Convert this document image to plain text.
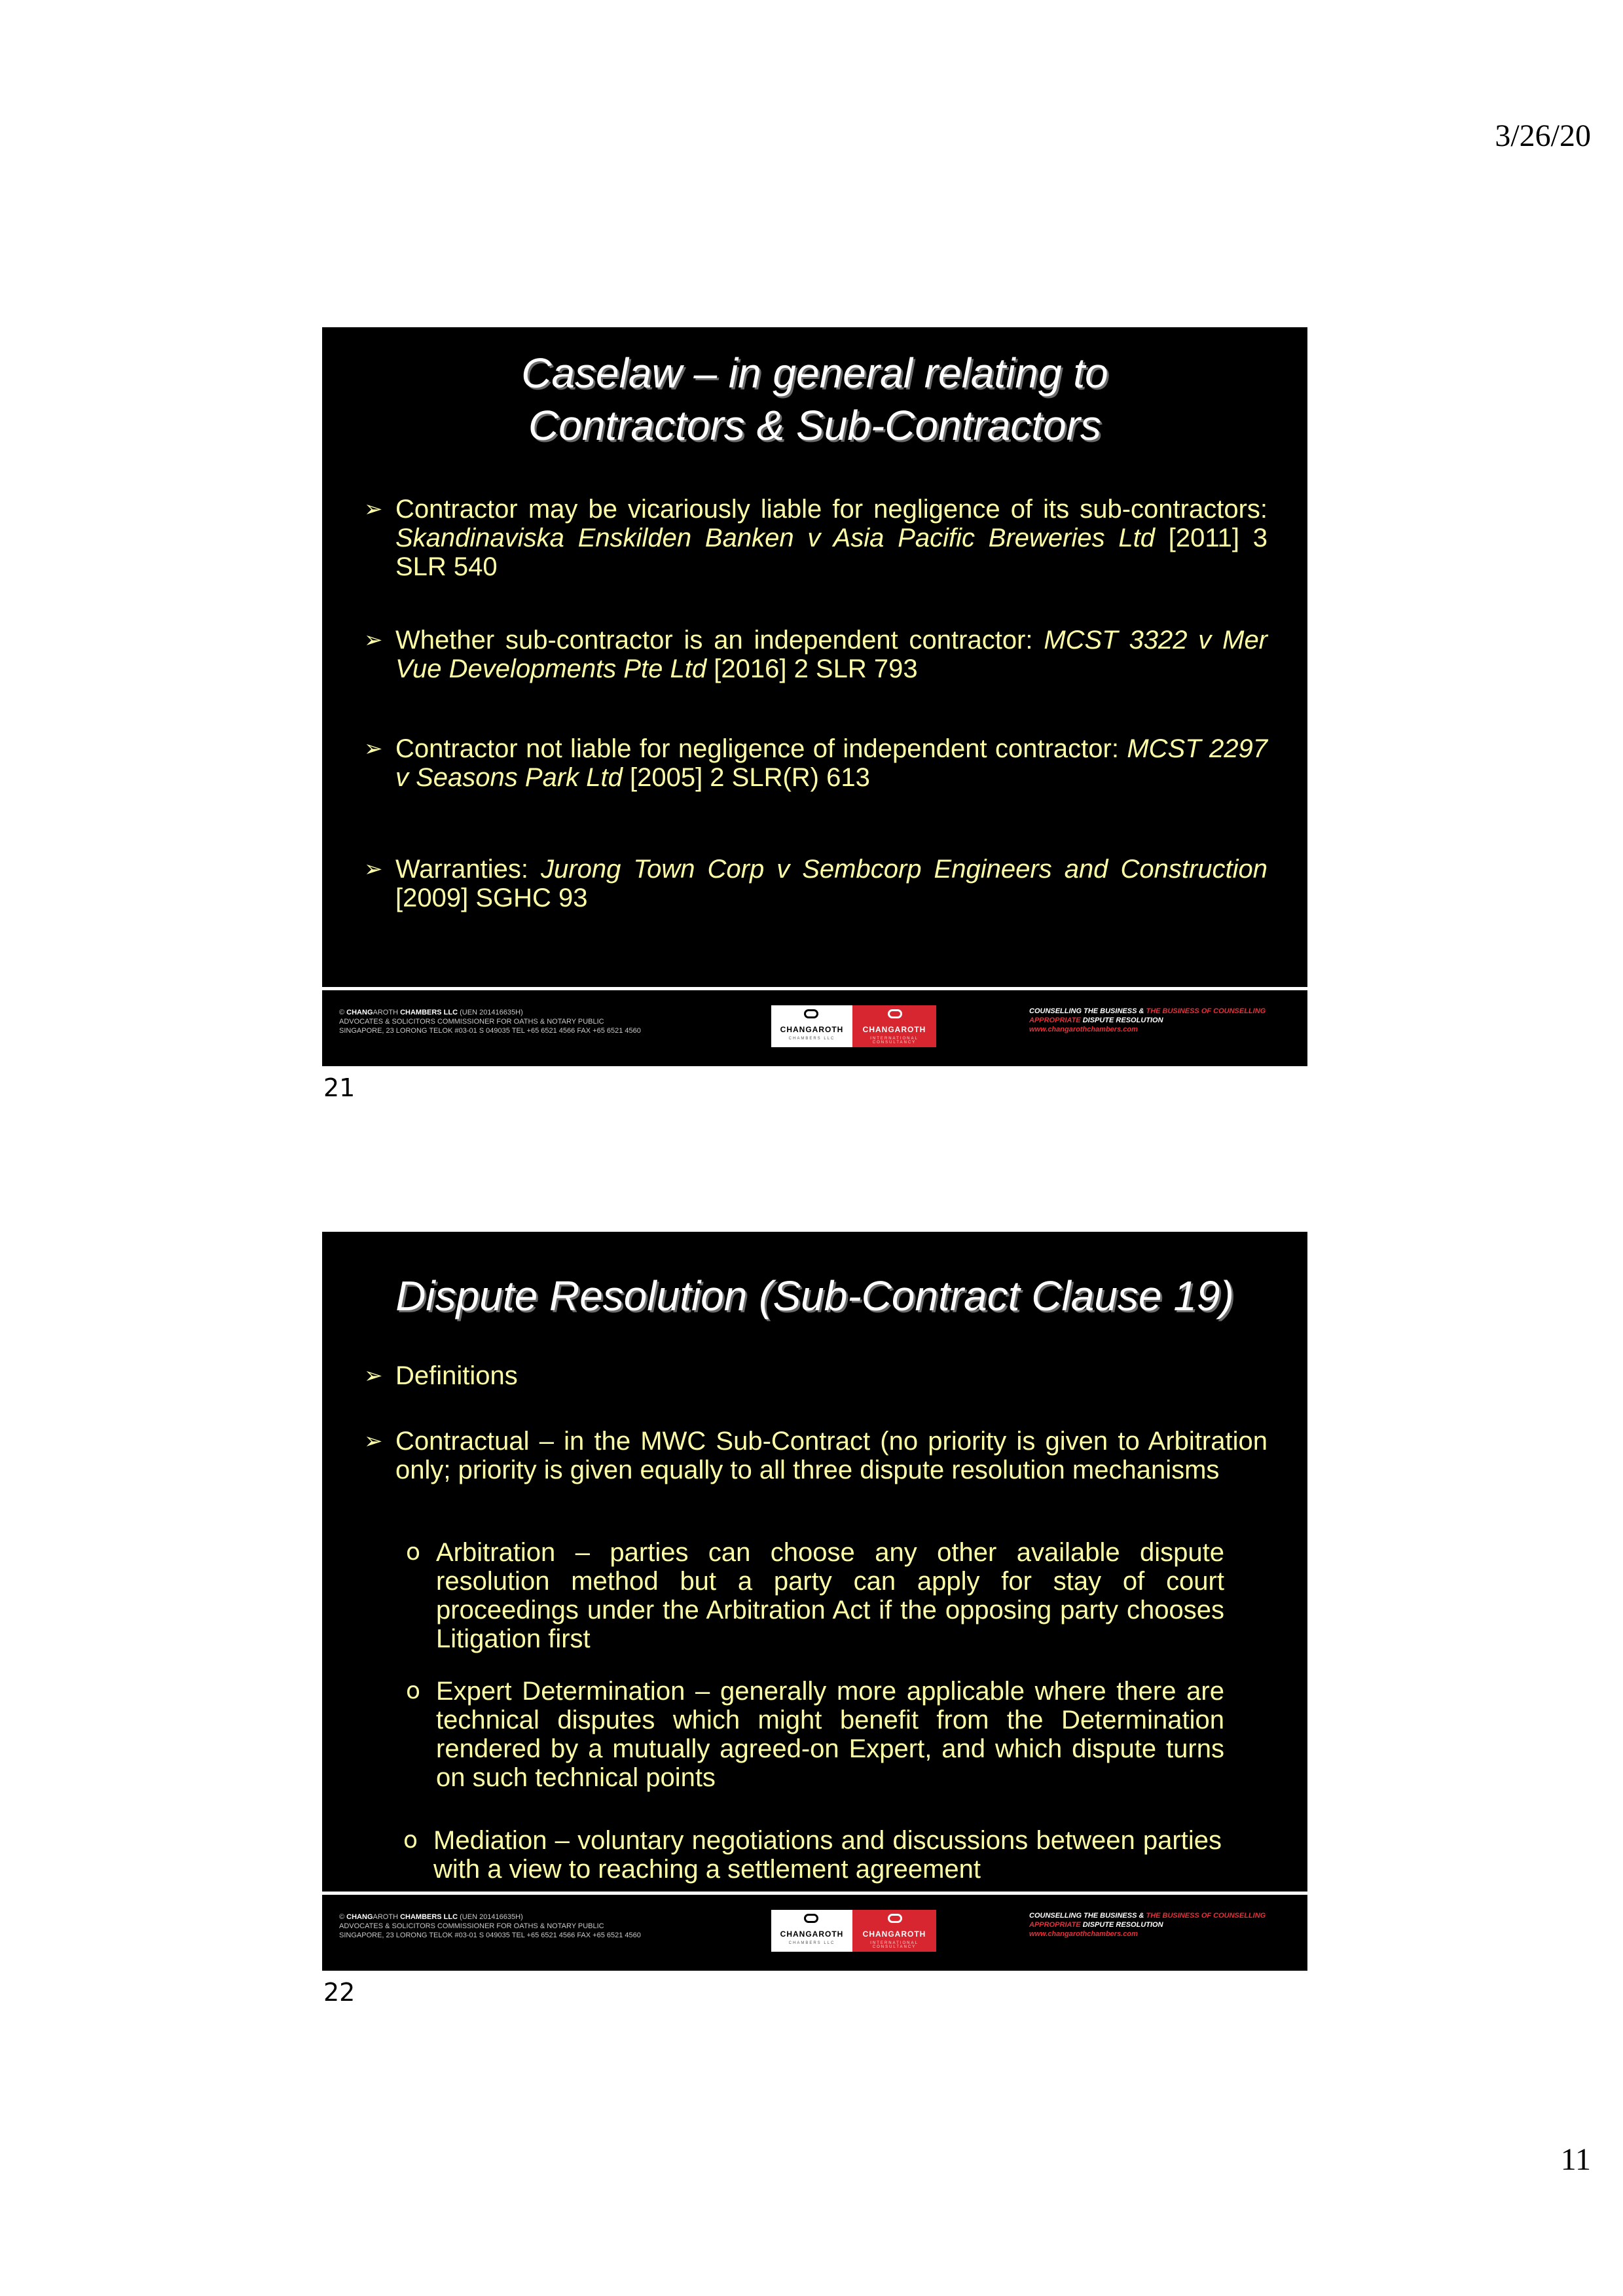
3/26/20
Caselaw – in general relating to
Contractors & Sub-Contractors
➢ Contractor may be vicariously liable for negligence of its sub-contractors: Skandinaviska Enskilden Banken v Asia Pacific Breweries Ltd [2011] 3 SLR 540
➢ Whether sub-contractor is an independent contractor: MCST 3322 v Mer Vue Developments Pte Ltd [2016] 2 SLR 793
➢ Contractor not liable for negligence of independent contractor: MCST 2297 v Seasons Park Ltd [2005] 2 SLR(R) 613
➢ Warranties: Jurong Town Corp v Sembcorp Engineers and Construction [2009] SGHC 93
© CHANGAROTH CHAMBERS LLC (UEN 201416635H)
ADVOCATES & SOLICITORS COMMISSIONER FOR OATHS & NOTARY PUBLIC
SINGAPORE, 23 LORONG TELOK #03-01 S 049035 TEL +65 6521 4566 FAX +65 6521 4560	CHANGAROTH
CHAMBERS LLC
CHANGAROTH
INTERNATIONAL CONSULTANCY
COUNSELLING THE BUSINESS & THE BUSINESS OF COUNSELLING
APPROPRIATE DISPUTE RESOLUTION
www.changarothchambers.com
21
Dispute Resolution (Sub-Contract Clause 19)
➢ Definitions
➢ Contractual – in the MWC Sub-Contract (no priority is given to Arbitration only; priority is given equally to all three dispute resolution mechanisms
o Arbitration – parties can choose any other available dispute resolution method but a party can apply for stay of court proceedings under the Arbitration Act if the opposing party chooses Litigation first
o Expert Determination – generally more applicable where there are technical disputes which might benefit from the Determination rendered by a mutually agreed-on Expert, and which dispute turns on such technical points
o Mediation – voluntary negotiations and discussions between parties with a view to reaching a settlement agreement
© CHANGAROTH CHAMBERS LLC (UEN 201416635H)
ADVOCATES & SOLICITORS COMMISSIONER FOR OATHS & NOTARY PUBLIC
SINGAPORE, 23 LORONG TELOK #03-01 S 049035 TEL +65 6521 4566 FAX +65 6521 4560	CHANGAROTH
CHAMBERS LLC
CHANGAROTH
INTERNATIONAL CONSULTANCY
COUNSELLING THE BUSINESS & THE BUSINESS OF COUNSELLING
APPROPRIATE DISPUTE RESOLUTION
www.changarothchambers.com
22
11
